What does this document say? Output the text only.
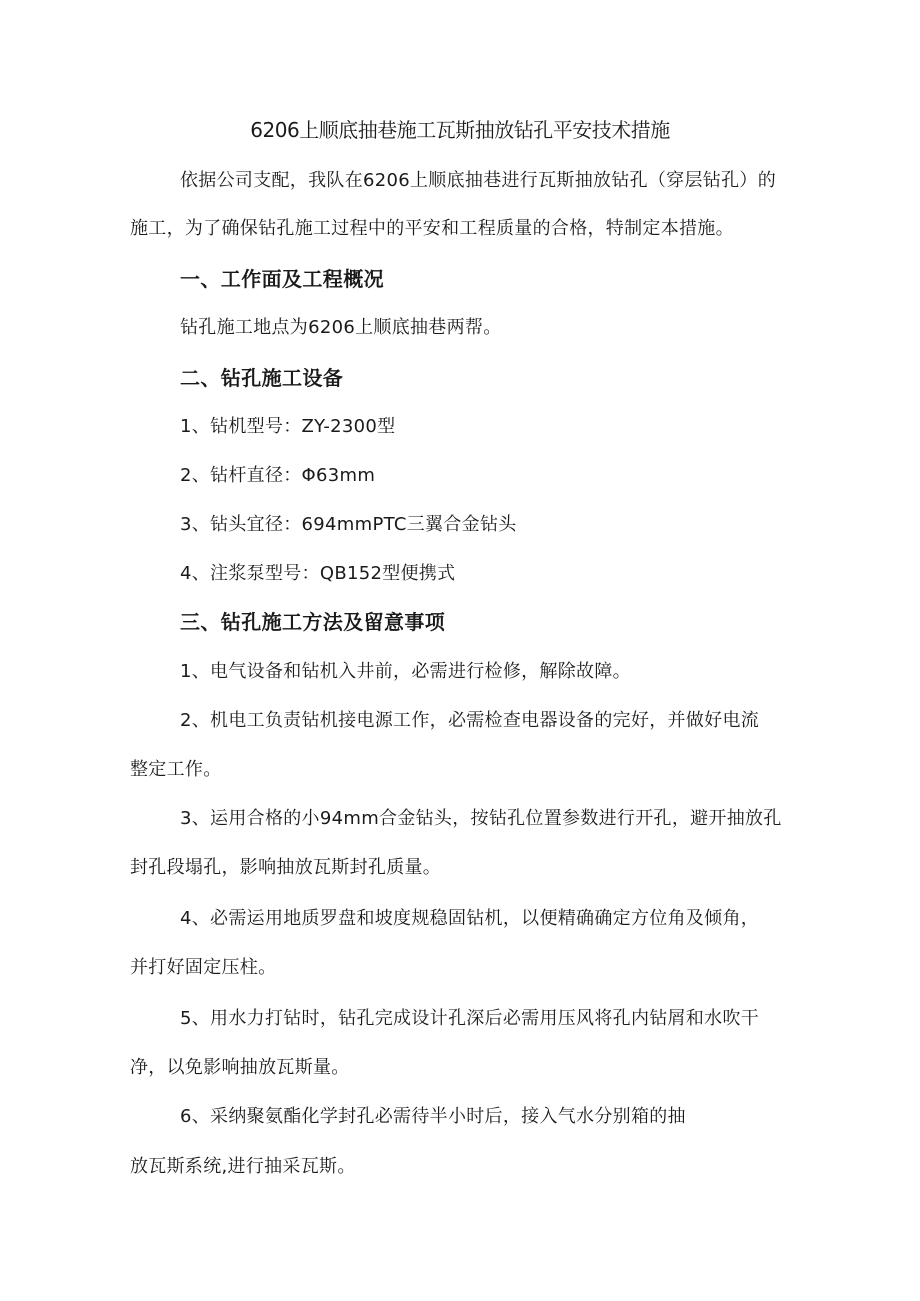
6206上顺底抽巷施工瓦斯抽放钻孔平安技术措施

依据公司支配，我队在6206上顺底抽巷进行瓦斯抽放钻孔（穿层钻孔）的

施工，为了确保钻孔施工过程中的平安和工程质量的合格，特制定本措施。

一、工作面及工程概况

钻孔施工地点为6206上顺底抽巷两帮。

二、钻孔施工设备

1、钻机型号：ZY-2300型

2、钻杆直径：Φ63mm

3、钻头宜径：694mmPTC三翼合金钻头

4、注浆泵型号：QB152型便携式

三、钻孔施工方法及留意事项

1、电气设备和钻机入井前，必需进行检修，解除故障。

2、机电工负责钻机接电源工作，必需检查电器设备的完好，并做好电流

整定工作。

3、运用合格的小94mm合金钻头，按钻孔位置参数进行开孔，避开抽放孔

封孔段塌孔，影响抽放瓦斯封孔质量。

4、必需运用地质罗盘和坡度规稳固钻机，以便精确确定方位角及倾角，

并打好固定压柱。

5、用水力打钻时，钻孔完成设计孔深后必需用压风将孔内钻屑和水吹干

净，以免影响抽放瓦斯量。

6、采纳聚氨酯化学封孔必需待半小时后，接入气水分别箱的抽

放瓦斯系统,进行抽采瓦斯。
